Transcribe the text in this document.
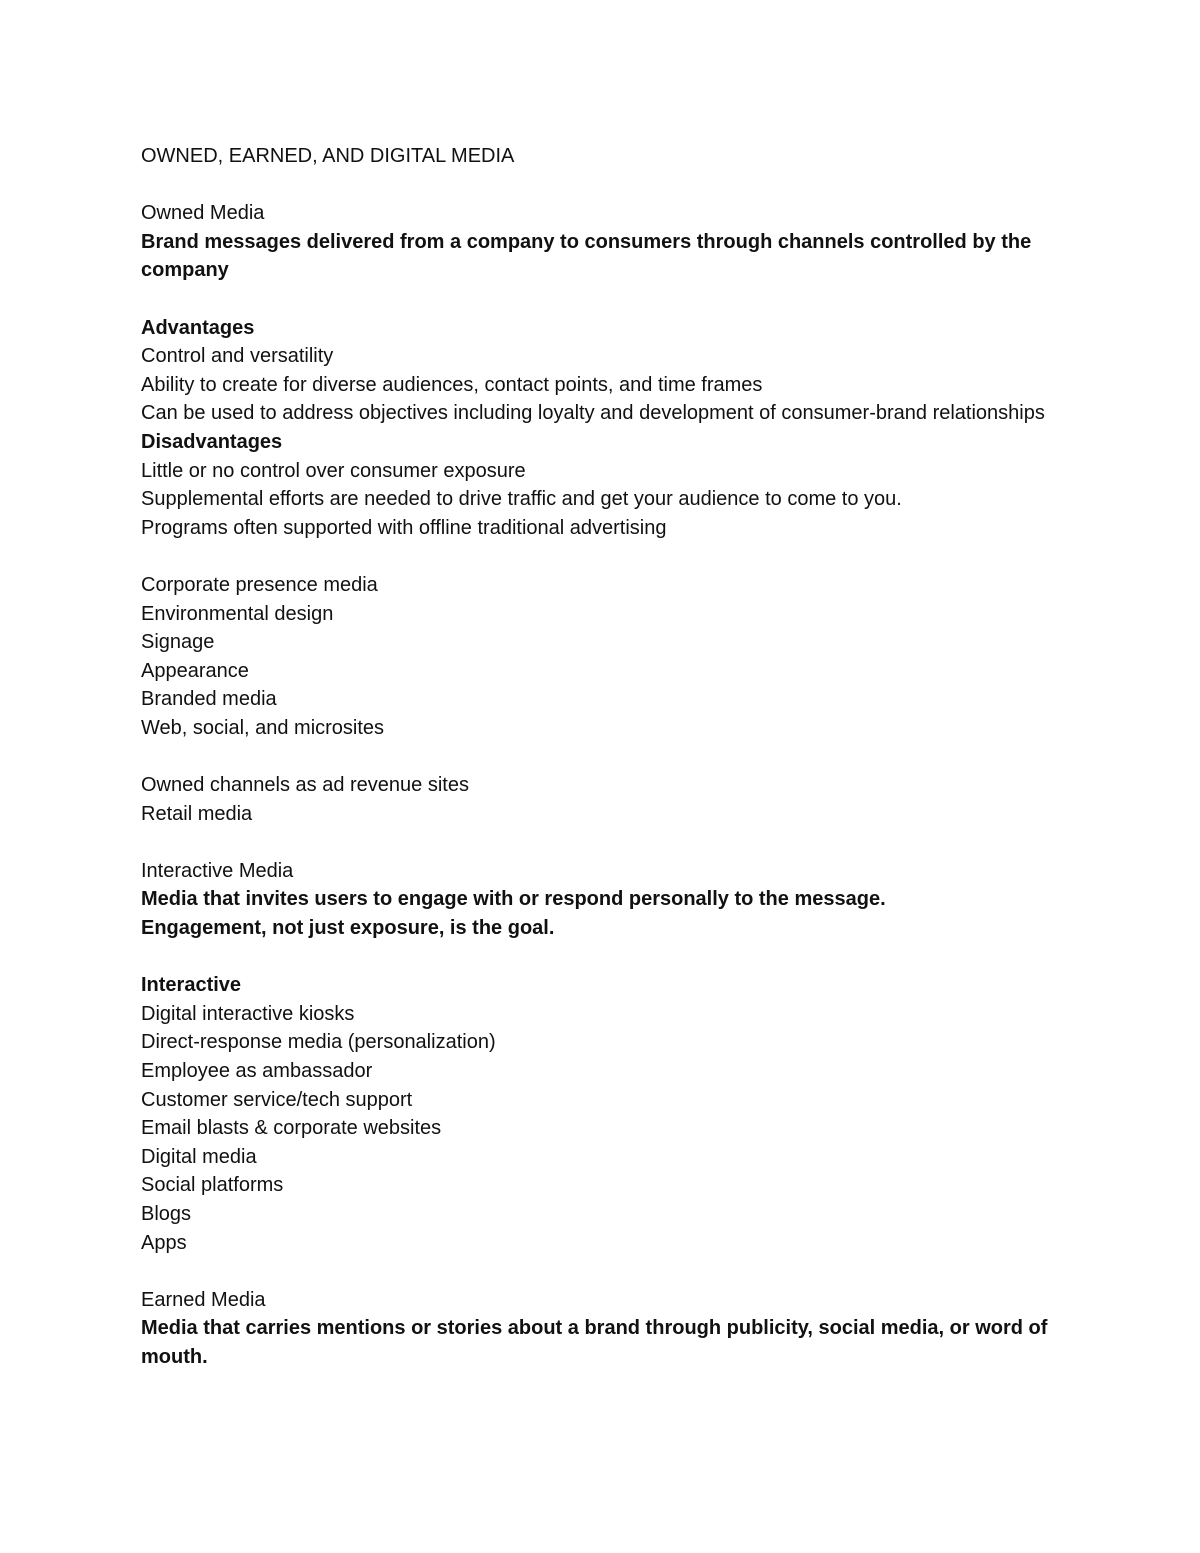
OWNED, EARNED, AND DIGITAL MEDIA

Owned Media

Brand messages delivered from a company to consumers through channels controlled by the company

Advantages

Control and versatility

Ability to create for diverse audiences, contact points, and time frames

Can be used to address objectives including loyalty and development of consumer-brand relationships

Disadvantages

Little or no control over consumer exposure

Supplemental efforts are needed to drive traffic and get your audience to come to you.

Programs often supported with offline traditional advertising

Corporate presence media

Environmental design

Signage

Appearance

Branded media

Web, social, and microsites

Owned channels as ad revenue sites

Retail media

Interactive Media

Media that invites users to engage with or respond personally to the message.

Engagement, not just exposure, is the goal.

Interactive

Digital interactive kiosks

Direct-response media (personalization)

Employee as ambassador

Customer service/tech support

Email blasts & corporate websites

Digital media

Social platforms

Blogs

Apps

Earned Media

Media that carries mentions or stories about a brand through publicity, social media, or word of mouth.
